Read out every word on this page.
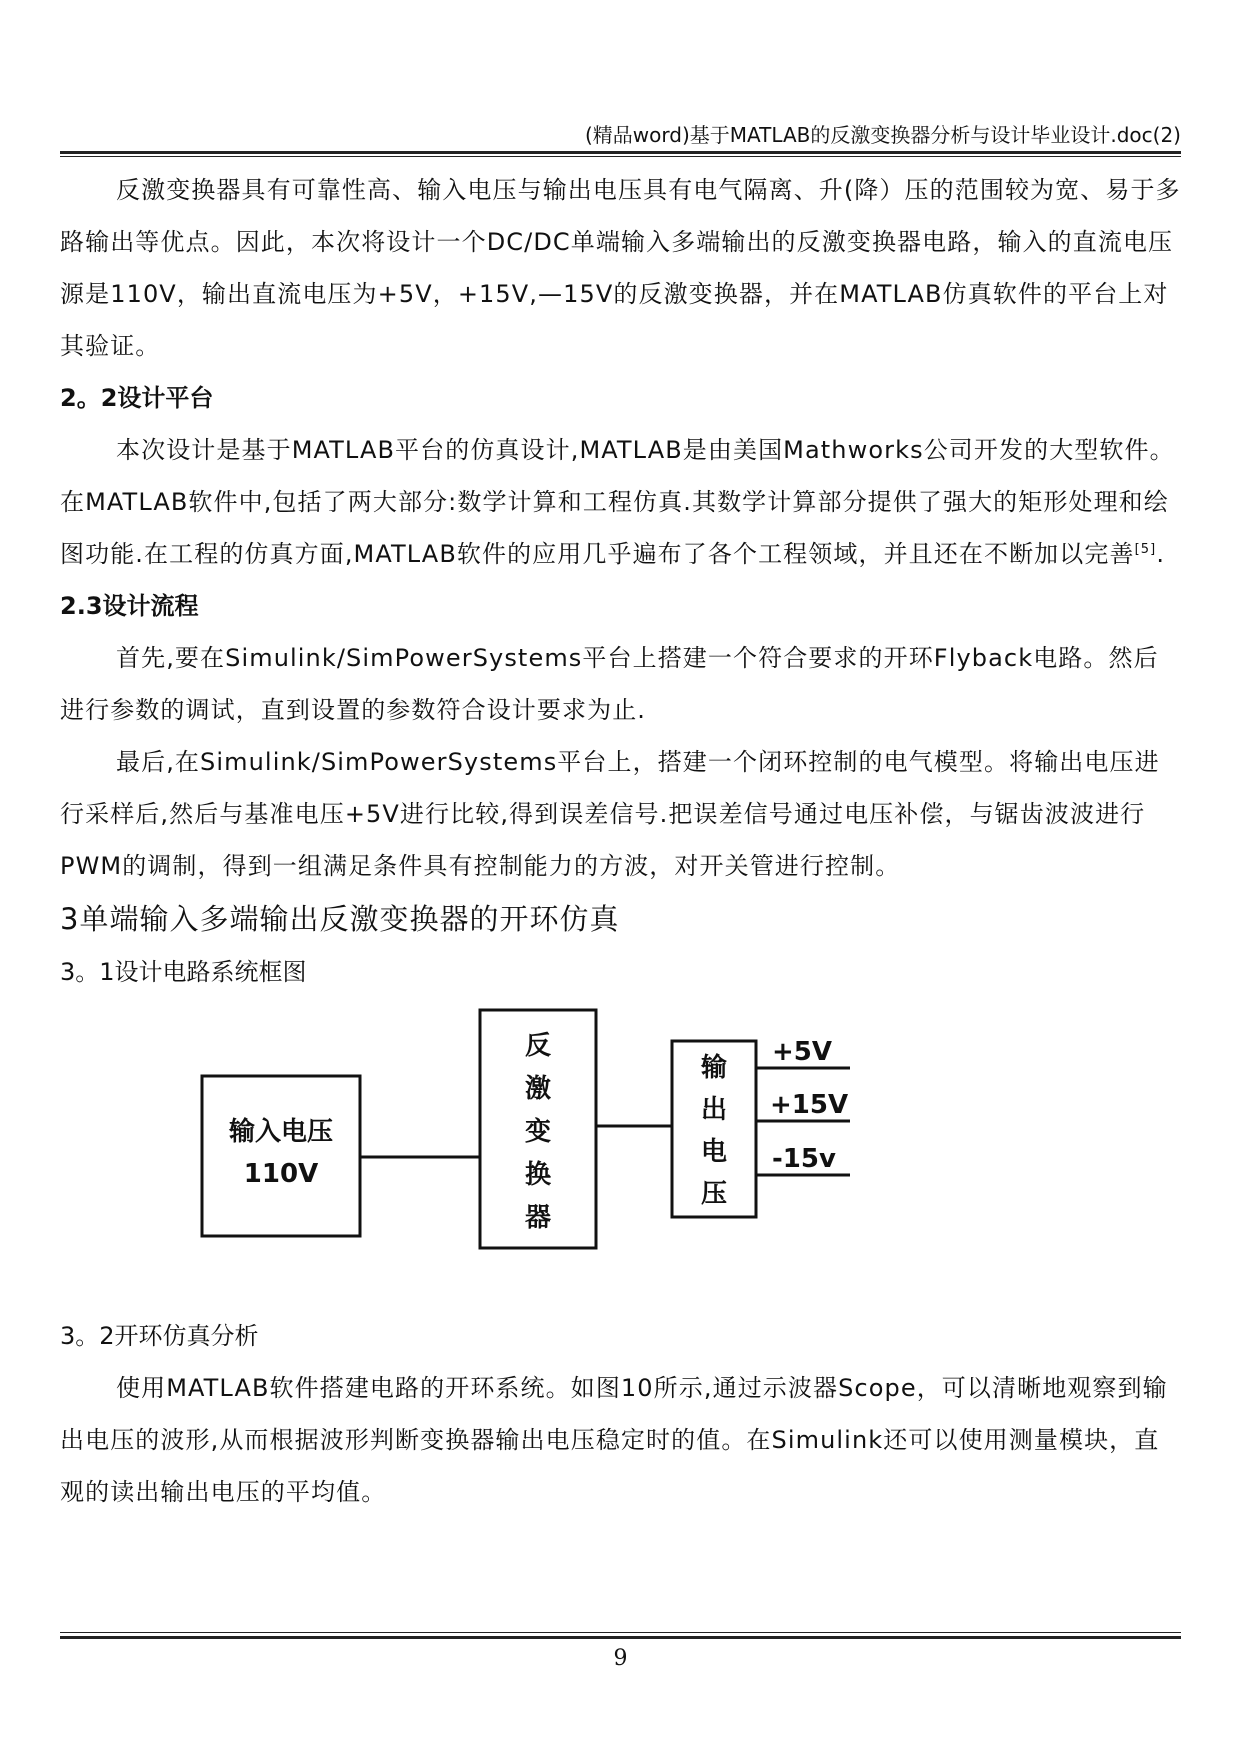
(精品word)基于MATLAB的反激变换器分析与设计毕业设计.doc(2)

反激变换器具有可靠性高、输入电压与输出电压具有电气隔离、升(降）压的范围较为宽、易于多路输出等优点。因此，本次将设计一个DC/DC单端输入多端输出的反激变换器电路，输入的直流电压源是110V，输出直流电压为+5V，+15V,—15V的反激变换器，并在MATLAB仿真软件的平台上对其验证。

2。2设计平台

本次设计是基于MATLAB平台的仿真设计,MATLAB是由美国Mathworks公司开发的大型软件。在MATLAB软件中,包括了两大部分:数学计算和工程仿真.其数学计算部分提供了强大的矩形处理和绘图功能.在工程的仿真方面,MATLAB软件的应用几乎遍布了各个工程领域，并且还在不断加以完善[5].

2.3设计流程

首先,要在Simulink/SimPowerSystems平台上搭建一个符合要求的开环Flyback电路。然后进行参数的调试，直到设置的参数符合设计要求为止.

最后,在Simulink/SimPowerSystems平台上，搭建一个闭环控制的电气模型。将输出电压进行采样后,然后与基准电压+5V进行比较,得到误差信号.把误差信号通过电压补偿，与锯齿波波进行PWM的调制，得到一组满足条件具有控制能力的方波，对开关管进行控制。

3单端输入多端输出反激变换器的开环仿真
3。1设计电路系统框图
输入电压
110V
反
激
变
换
器
输
出
电
压
+5V
+15V
-15v
3。2开环仿真分析

使用MATLAB软件搭建电路的开环系统。如图10所示,通过示波器Scope，可以清晰地观察到输出电压的波形,从而根据波形判断变换器输出电压稳定时的值。在Simulink还可以使用测量模块，直观的读出输出电压的平均值。

9
